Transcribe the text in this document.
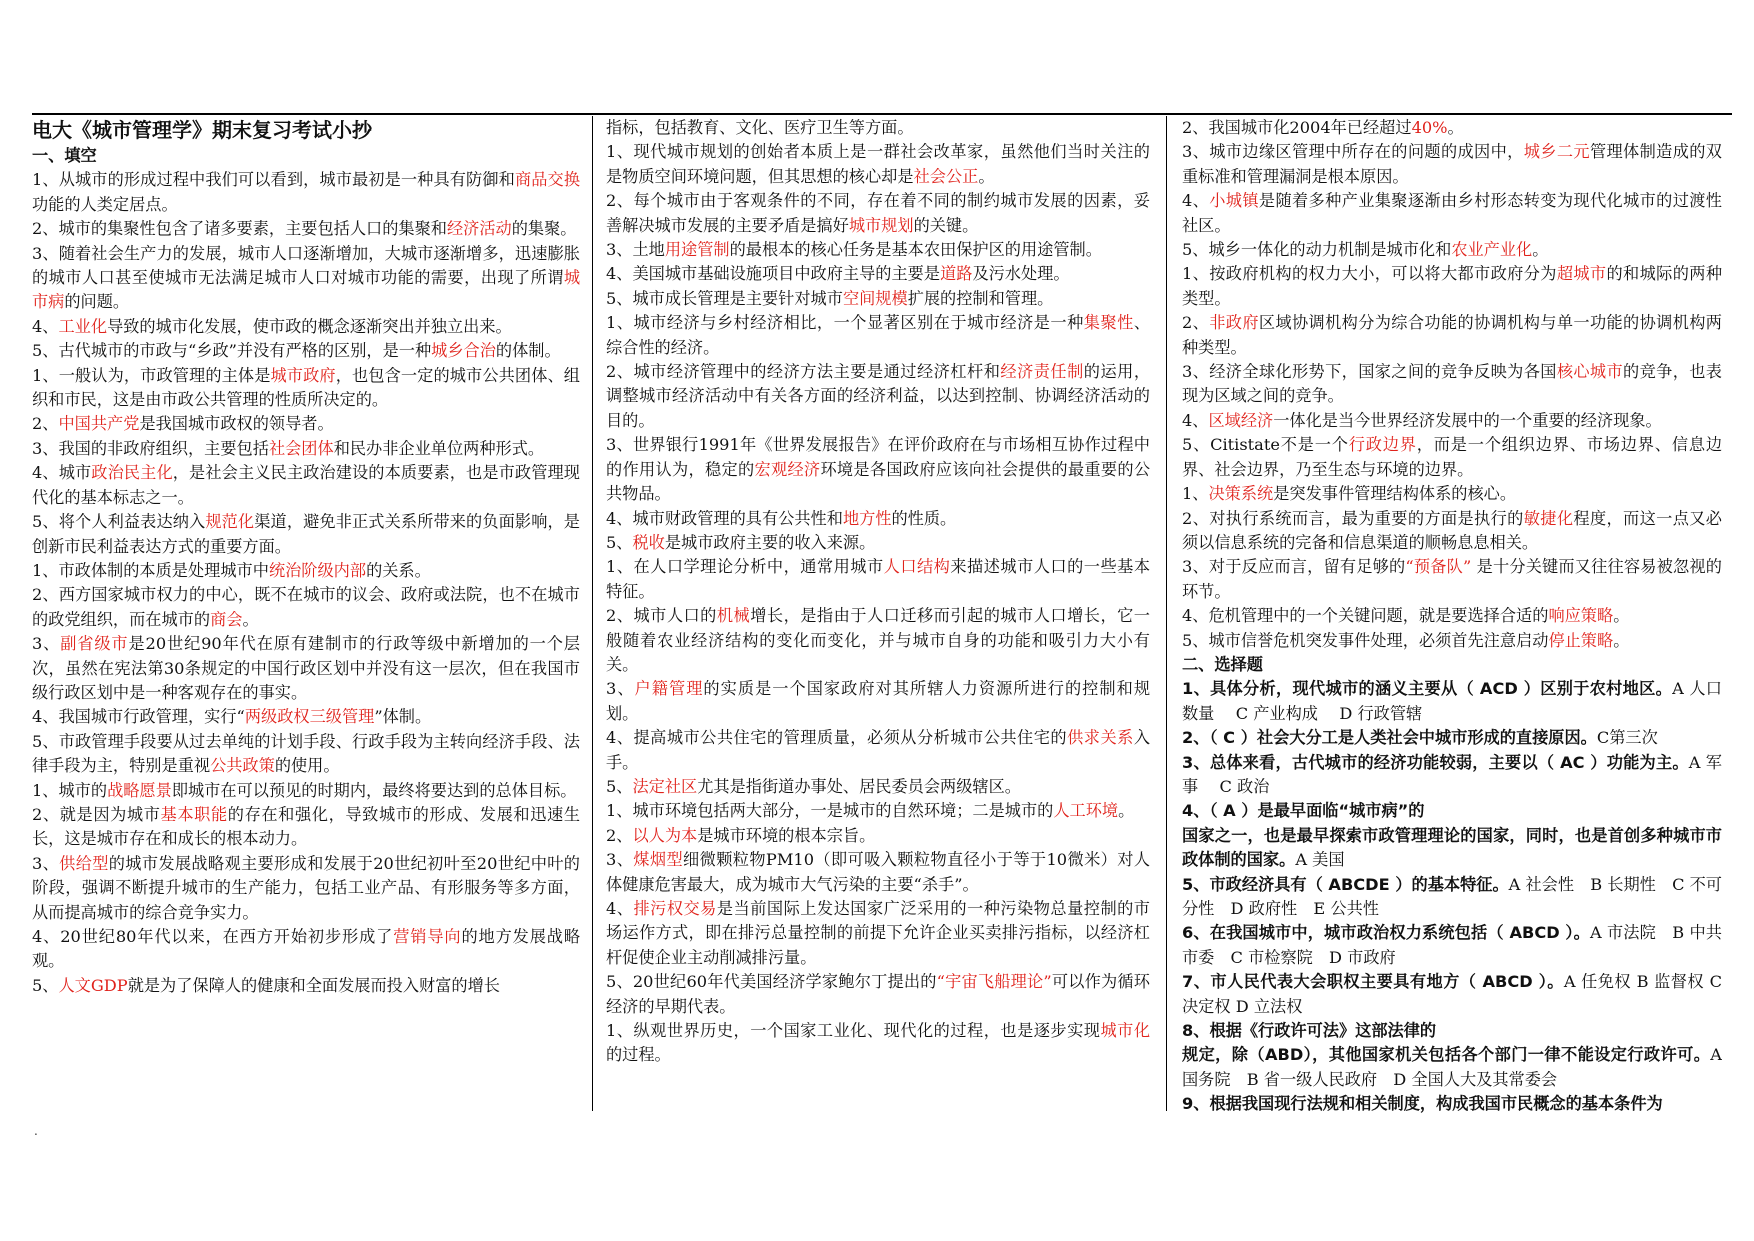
电大《城市管理学》期末复习考试小抄

一、填空

1、从城市的形成过程中我们可以看到，城市最初是一种具有防御和商品交换功能的人类定居点。

2、城市的集聚性包含了诸多要素，主要包括人口的集聚和经济活动的集聚。

3、随着社会生产力的发展，城市人口逐渐增加，大城市逐渐增多，迅速膨胀的城市人口甚至使城市无法满足城市人口对城市功能的需要，出现了所谓城市病的问题。

4、工业化导致的城市化发展，使市政的概念逐渐突出并独立出来。

5、古代城市的市政与“乡政”并没有严格的区别，是一种城乡合治的体制。

1、一般认为，市政管理的主体是城市政府，也包含一定的城市公共团体、组织和市民，这是由市政公共管理的性质所决定的。

2、中国共产党是我国城市政权的领导者。

3、我国的非政府组织，主要包括社会团体和民办非企业单位两种形式。

4、城市政治民主化，是社会主义民主政治建设的本质要素，也是市政管理现代化的基本标志之一。

5、将个人利益表达纳入规范化渠道，避免非正式关系所带来的负面影响，是创新市民利益表达方式的重要方面。

1、市政体制的本质是处理城市中统治阶级内部的关系。

2、西方国家城市权力的中心，既不在城市的议会、政府或法院，也不在城市的政党组织，而在城市的商会。

3、副省级市是20世纪90年代在原有建制市的行政等级中新增加的一个层次，虽然在宪法第30条规定的中国行政区划中并没有这一层次，但在我国市级行政区划中是一种客观存在的事实。

4、我国城市行政管理，实行“两级政权三级管理”体制。

5、市政管理手段要从过去单纯的计划手段、行政手段为主转向经济手段、法律手段为主，特别是重视公共政策的使用。

1、城市的战略愿景即城市在可以预见的时期内，最终将要达到的总体目标。

2、就是因为城市基本职能的存在和强化，导致城市的形成、发展和迅速生长，这是城市存在和成长的根本动力。

3、供给型的城市发展战略观主要形成和发展于20世纪初叶至20世纪中叶的阶段，强调不断提升城市的生产能力，包括工业产品、有形服务等多方面，从而提高城市的综合竞争实力。

4、20世纪80年代以来，在西方开始初步形成了营销导向的地方发展战略观。

5、人文GDP就是为了保障人的健康和全面发展而投入财富的增长

指标，包括教育、文化、医疗卫生等方面。

1、现代城市规划的创始者本质上是一群社会改革家，虽然他们当时关注的是物质空间环境问题，但其思想的核心却是社会公正。

2、每个城市由于客观条件的不同，存在着不同的制约城市发展的因素，妥善解决城市发展的主要矛盾是搞好城市规划的关键。

3、土地用途管制的最根本的核心任务是基本农田保护区的用途管制。

4、美国城市基础设施项目中政府主导的主要是道路及污水处理。

5、城市成长管理是主要针对城市空间规模扩展的控制和管理。

1、城市经济与乡村经济相比，一个显著区别在于城市经济是一种集聚性、综合性的经济。

2、城市经济管理中的经济方法主要是通过经济杠杆和经济责任制的运用，调整城市经济活动中有关各方面的经济利益，以达到控制、协调经济活动的目的。

3、世界银行1991年《世界发展报告》在评价政府在与市场相互协作过程中的作用认为，稳定的宏观经济环境是各国政府应该向社会提供的最重要的公共物品。

4、城市财政管理的具有公共性和地方性的性质。

5、税收是城市政府主要的收入来源。

1、在人口学理论分析中，通常用城市人口结构来描述城市人口的一些基本特征。

2、城市人口的机械增长，是指由于人口迁移而引起的城市人口增长，它一般随着农业经济结构的变化而变化，并与城市自身的功能和吸引力大小有关。

3、户籍管理的实质是一个国家政府对其所辖人力资源所进行的控制和规划。

4、提高城市公共住宅的管理质量，必须从分析城市公共住宅的供求关系入手。

5、法定社区尤其是指街道办事处、居民委员会两级辖区。

1、城市环境包括两大部分，一是城市的自然环境；二是城市的人工环境。

2、以人为本是城市环境的根本宗旨。

3、煤烟型细微颗粒物PM10（即可吸入颗粒物直径小于等于10微米）对人体健康危害最大，成为城市大气污染的主要“杀手”。

4、排污权交易是当前国际上发达国家广泛采用的一种污染物总量控制的市场运作方式，即在排污总量控制的前提下允许企业买卖排污指标，以经济杠杆促使企业主动削减排污量。

5、20世纪60年代美国经济学家鲍尔丁提出的“宇宙飞船理论”可以作为循环经济的早期代表。

1、纵观世界历史，一个国家工业化、现代化的过程，也是逐步实现城市化的过程。

2、我国城市化2004年已经超过40%。

3、城市边缘区管理中所存在的问题的成因中，城乡二元管理体制造成的双重标准和管理漏洞是根本原因。

4、小城镇是随着多种产业集聚逐渐由乡村形态转变为现代化城市的过渡性社区。

5、城乡一体化的动力机制是城市化和农业产业化。

1、按政府机构的权力大小，可以将大都市政府分为超城市的和城际的两种类型。

2、非政府区域协调机构分为综合功能的协调机构与单一功能的协调机构两种类型。

3、经济全球化形势下，国家之间的竞争反映为各国核心城市的竞争，也表现为区域之间的竞争。

4、区域经济一体化是当今世界经济发展中的一个重要的经济现象。

5、Citistate不是一个行政边界，而是一个组织边界、市场边界、信息边界、社会边界，乃至生态与环境的边界。

1、决策系统是突发事件管理结构体系的核心。

2、对执行系统而言，最为重要的方面是执行的敏捷化程度，而这一点又必须以信息系统的完备和信息渠道的顺畅息息相关。

3、对于反应而言，留有足够的“预备队” 是十分关键而又往往容易被忽视的环节。

4、危机管理中的一个关键问题，就是要选择合适的响应策略。

5、城市信誉危机突发事件处理，必须首先注意启动停止策略。

二、选择题

1、具体分析，现代城市的涵义主要从（ ACD ）区别于农村地区。A 人口数量　 C 产业构成　 D 行政管辖

2、（ C ）社会大分工是人类社会中城市形成的直接原因。C第三次

3、总体来看，古代城市的经济功能较弱，主要以（ AC ）功能为主。A 军事　 C 政治

4、（ A ）是最早面临“城市病”的

国家之一，也是最早探索市政管理理论的国家，同时，也是首创多种城市市政体制的国家。A 美国

5、市政经济具有（ ABCDE ）的基本特征。A 社会性　B 长期性　C 不可分性　D 政府性　E 公共性

6、在我国城市中，城市政治权力系统包括（ ABCD ）。A 市法院　B 中共市委　C 市检察院　D 市政府

7、市人民代表大会职权主要具有地方（ ABCD ）。A 任免权 B 监督权 C 决定权 D 立法权

8、根据《行政许可法》这部法律的

规定，除（ABD），其他国家机关包括各个部门一律不能设定行政许可。A 国务院　B 省一级人民政府　D 全国人大及其常委会

9、根据我国现行法规和相关制度，构成我国市民概念的基本条件为

.
